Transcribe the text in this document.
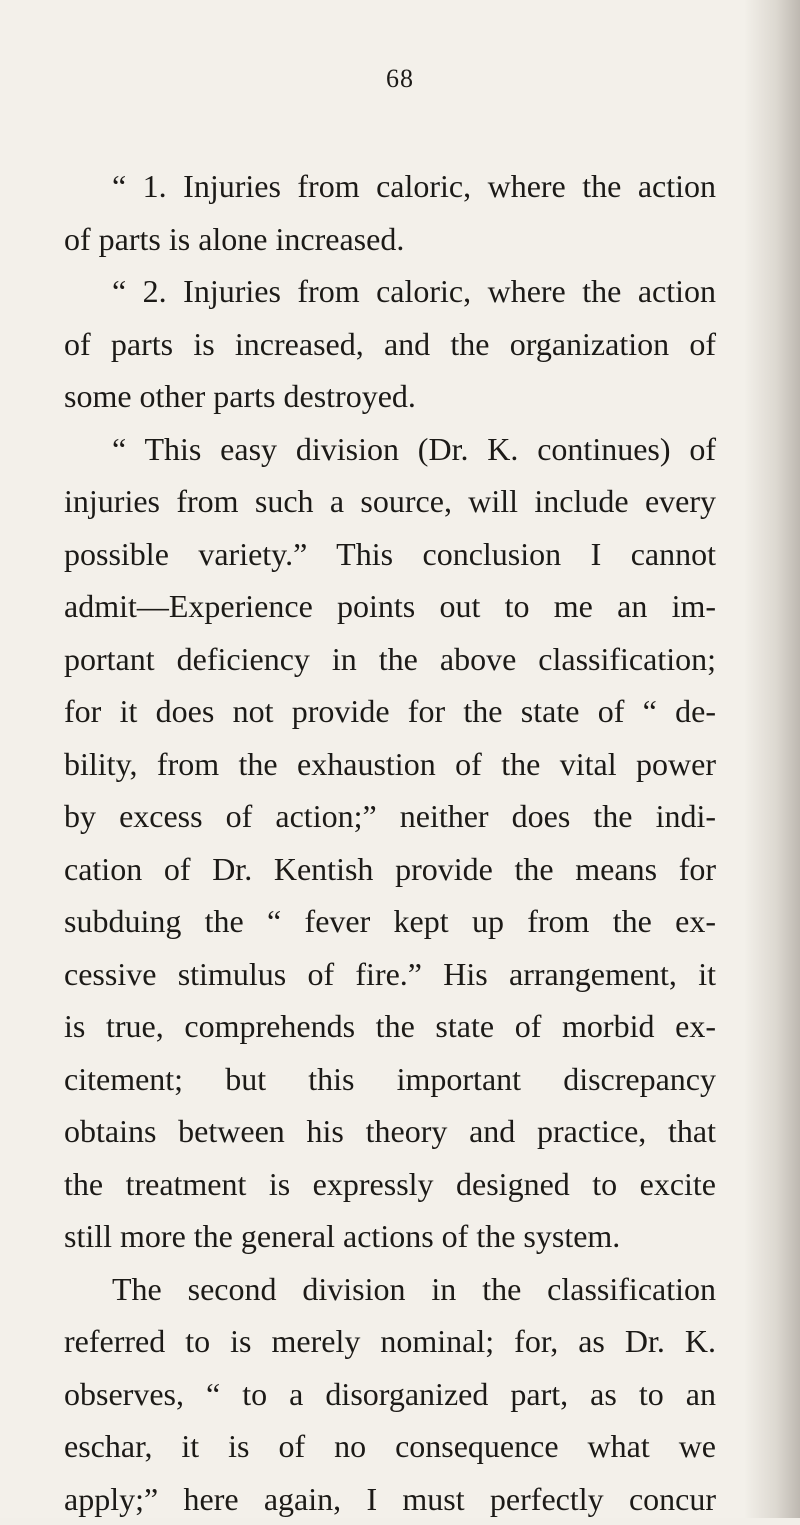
68
“ 1. Injuries from caloric, where the action
of parts is alone increased.
“ 2. Injuries from caloric, where the action
of parts is increased, and the organization of
some other parts destroyed.
“ This easy division (Dr. K. continues) of
injuries from such a source, will include every
possible variety.” This conclusion I cannot
admit—Experience points out to me an im-
portant deficiency in the above classification;
for it does not provide for the state of “ de-
bility, from the exhaustion of the vital power
by excess of action;” neither does the indi-
cation of Dr. Kentish provide the means for
subduing the “ fever kept up from the ex-
cessive stimulus of fire.” His arrangement, it
is true, comprehends the state of morbid ex-
citement; but this important discrepancy
obtains between his theory and practice, that
the treatment is expressly designed to excite
still more the general actions of the system.
The second division in the classification
referred to is merely nominal; for, as Dr. K.
observes, “ to a disorganized part, as to an
eschar, it is of no consequence what we
apply;” here again, I must perfectly concur
